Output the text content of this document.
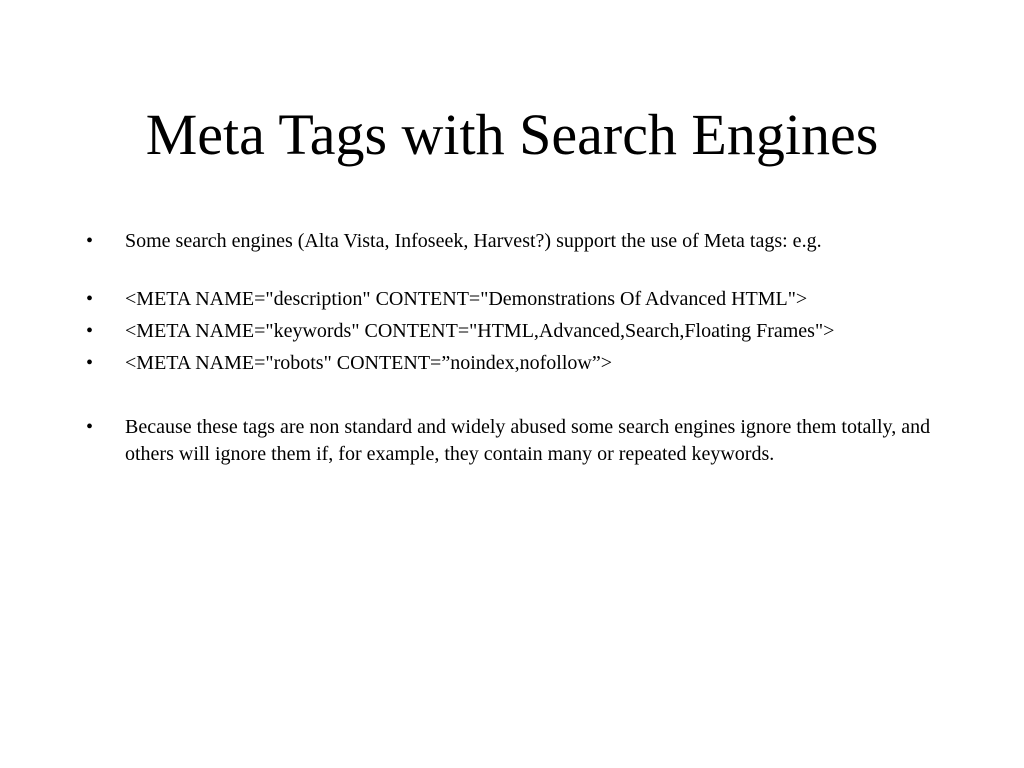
Meta Tags with Search Engines
•	Some search engines (Alta Vista, Infoseek, Harvest?) support the use of Meta tags: e.g.
•	<META NAME="description" CONTENT="Demonstrations Of Advanced HTML">
•	<META NAME="keywords" CONTENT="HTML,Advanced,Search,Floating Frames">
•	<META NAME="robots" CONTENT=”noindex,nofollow”>
•	Because these tags are non standard and widely abused some search engines ignore them totally, and others will ignore them if, for example, they contain many or repeated keywords.
